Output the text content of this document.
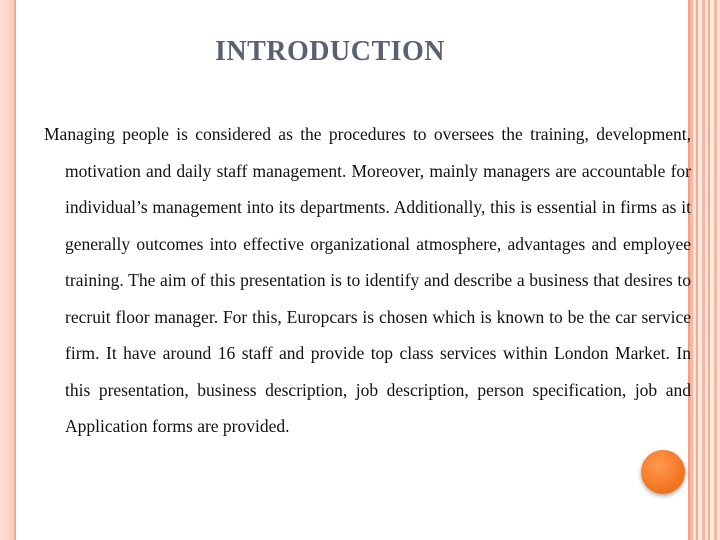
INTRODUCTION

Managing people is considered as the procedures to oversees the training, development, motivation and daily staff management. Moreover, mainly managers are accountable for individual’s management into its departments. Additionally, this is essential in firms as it generally outcomes into effective organizational atmosphere, advantages and employee training. The aim of this presentation is to identify and describe a business that desires to recruit floor manager. For this, Europcars is chosen which is known to be the car service firm. It have around 16 staff and provide top class services within London Market. In this presentation, business description, job description, person specification, job and Application forms are provided.
